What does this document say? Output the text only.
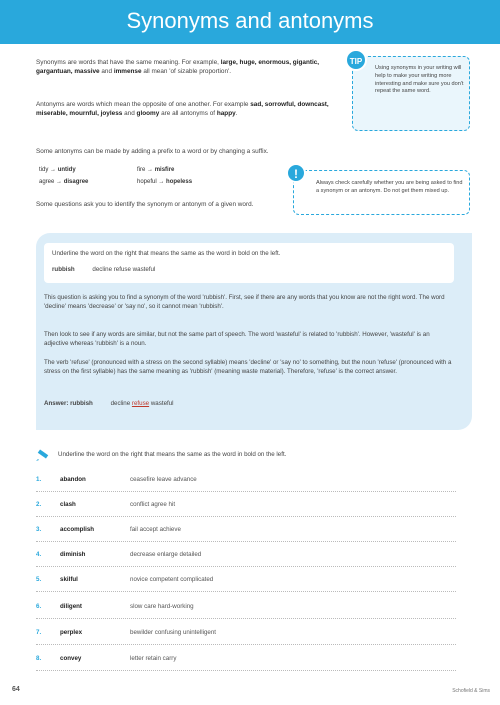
Synonyms and antonyms
Synonyms are words that have the same meaning. For example, large, huge, enormous, gigantic, gargantuan, massive and immense all mean 'of sizable proportion'.
Antonyms are words which mean the opposite of one another. For example sad, sorrowful, downcast, miserable, mournful, joyless and gloomy are all antonyms of happy.
TIP
Using synonyms in your writing will help to make your writing more interesting and make sure you don't repeat the same word.
Some antonyms can be made by adding a prefix to a word or by changing a suffix.
tidy → untidy
agree → disagree
fire → misfire
hopeful → hopeless
Some questions ask you to identify the synonym or antonym of a given word.
!
Always check carefully whether you are being asked to find a synonym or an antonym. Do not get them mixed up.
Underline the word on the right that means the same as the word in bold on the left.
rubbish	decline refuse wasteful
This question is asking you to find a synonym of the word 'rubbish'. First, see if there are any words that you know are not the right word. The word 'decline' means 'decrease' or 'say no', so it cannot mean 'rubbish'.
Then look to see if any words are similar, but not the same part of speech. The word 'wasteful' is related to 'rubbish'. However, 'wasteful' is an adjective whereas 'rubbish' is a noun.
The verb 'refuse' (pronounced with a stress on the second syllable) means 'decline' or 'say no' to something, but the noun 'refuse' (pronounced with a stress on the first syllable) has the same meaning as 'rubbish' (meaning waste material). Therefore, 'refuse' is the correct answer.
Answer: rubbish	decline refuse wasteful
Underline the word on the right that means the same as the word in bold on the left.
1.	abandon	ceasefire leave advance
2.	clash	conflict agree hit
3.	accomplish	fail accept achieve
4.	diminish	decrease enlarge detailed
5.	skilful	novice competent complicated
6.	diligent	slow care hard-working
7.	perplex	bewilder confusing unintelligent
8.	convey	letter retain carry
64	Schofield & Sims
